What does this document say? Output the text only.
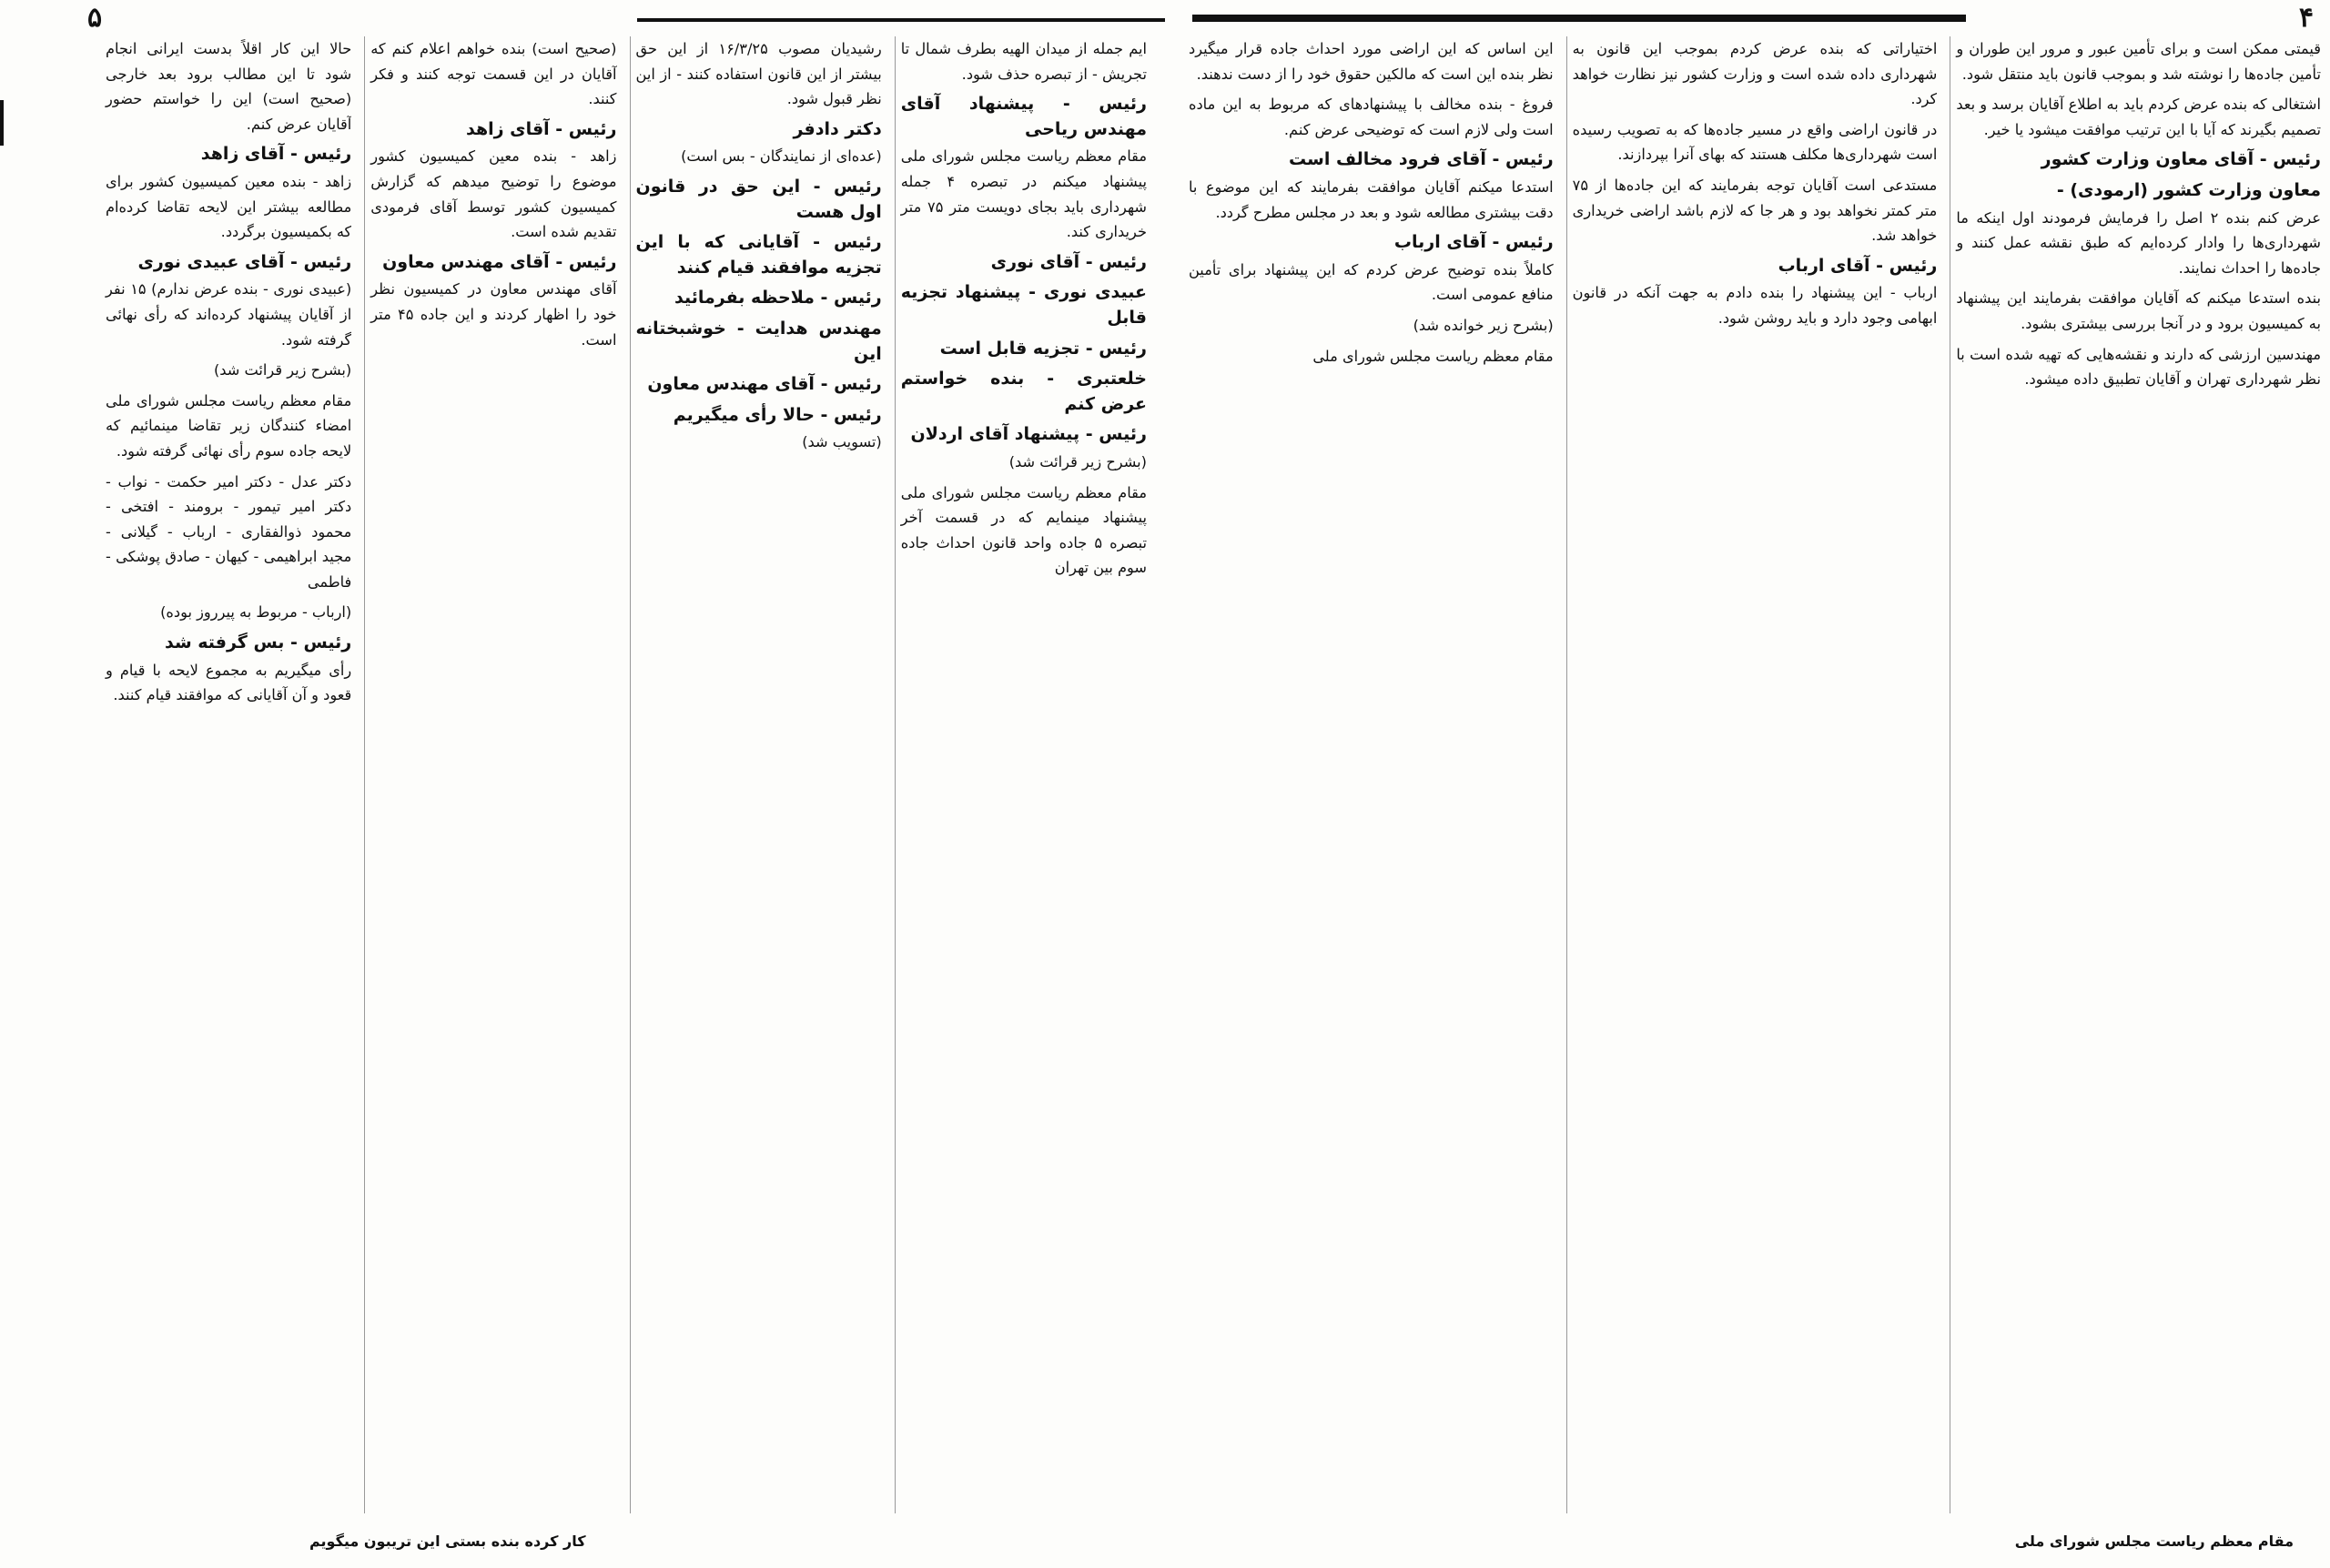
۴

قیمتی ممکن است و برای تأمین عبور و مرور این طوران و تأمین جاده‌ها را نوشته شد و بموجب قانون باید منتقل شود.

اشتغالی که بنده عرض کردم باید به اطلاع آقایان برسد و بعد تصمیم بگیرند که آیا با این ترتیب موافقت میشود یا خیر.

رئیس - آقای معاون وزارت کشور
معاون وزارت کشور (ارمودی) -

عرض کنم بنده ۲ اصل را فرمایش فرمودند اول اینکه ما شهرداری‌ها را وادار کرده‌ایم که طبق نقشه عمل کنند و جاده‌ها را احداث نمایند.

بنده استدعا میکنم که آقایان موافقت بفرمایند این پیشنهاد به کمیسیون برود و در آنجا بررسی بیشتری بشود.

مهندسین ارزشی که دارند و نقشه‌هایی که تهیه شده است با نظر شهرداری تهران و آقایان تطبیق داده میشود.

اختیاراتی که بنده عرض کردم بموجب این قانون به شهرداری داده شده است و وزارت کشور نیز نظارت خواهد کرد.

در قانون اراضی واقع در مسیر جاده‌ها که به تصویب رسیده است شهرداری‌ها مکلف هستند که بهای آنرا بپردازند.

مستدعی است آقایان توجه بفرمایند که این جاده‌ها از ۷۵ متر کمتر نخواهد بود و هر جا که لازم باشد اراضی خریداری خواهد شد.

رئیس - آقای ارباب

ارباب - این پیشنهاد را بنده دادم به جهت آنکه در قانون ابهامی وجود دارد و باید روشن شود.

این اساس که این اراضی مورد احداث جاده قرار میگیرد نظر بنده این است که مالکین حقوق خود را از دست ندهند.

فروغ - بنده مخالف با پیشنهادهای که مربوط به این ماده است ولی لازم است که توضیحی عرض کنم.

رئیس - آقای فرود مخالف است

استدعا میکنم آقایان موافقت بفرمایند که این موضوع با دقت بیشتری مطالعه شود و بعد در مجلس مطرح گردد.

رئیس - آقای ارباب

کاملاً بنده توضیح عرض کردم که این پیشنهاد برای تأمین منافع عمومی است.

(بشرح زیر خوانده شد)

مقام معظم ریاست مجلس شورای ملی

مقام معظم ریاست مجلس شورای ملی
۵

ایم جمله از میدان الهیه بطرف شمال تا تجریش - از تبصره حذف شود.

رئیس - پیشنهاد آقای مهندس ریاحی

مقام معظم ریاست مجلس شورای ملی پیشنهاد میکنم در تبصره ۴ جمله شهرداری باید بجای دویست متر ۷۵ متر خریداری کند.

رئیس - آقای نوری
عبیدی نوری - پیشنهاد تجزیه قابل
رئیس - تجزیه قابل است
خلعتبری - بنده خواستم عرض کنم
رئیس - پیشنهاد آقای اردلان

(بشرح زیر قرائت شد)

مقام معظم ریاست مجلس شورای ملی پیشنهاد مینمایم که در قسمت آخر تبصره ۵ جاده واحد قانون احداث جاده سوم بین تهران

رشیدیان مصوب ۱۶/۳/۲۵ از این حق بیشتر از این قانون استفاده کنند - از این نظر قبول شود.

دکتر دادفر

(عده‌ای از نمایندگان - بس است)

رئیس - این حق در قانون اول هست
رئیس - آقایانی که با این تجزیه موافقند قیام کنند
رئیس - ملاحظه بفرمائید
مهندس هدایت - خوشبختانه این
رئیس - آقای مهندس معاون
رئیس - حالا رأی میگیریم

(تسویب شد)

(صحیح است) بنده خواهم اعلام کنم که آقایان در این قسمت توجه کنند و فکر کنند.

رئیس - آقای زاهد

زاهد - بنده معین کمیسیون کشور موضوع را توضیح میدهم که گزارش کمیسیون کشور توسط آقای فرمودی تقدیم شده است.

رئیس - آقای مهندس معاون

آقای مهندس معاون در کمیسیون نظر خود را اظهار کردند و این جاده ۴۵ متر است.

حالا این کار اقلاً بدست ایرانی انجام شود تا این مطالب برود بعد خارجی (صحیح است) این را خواستم حضور آقایان عرض کنم.

رئیس - آقای زاهد

زاهد - بنده معین کمیسیون کشور برای مطالعه بیشتر این لایحه تقاضا کرده‌ام که بکمیسیون برگردد.

رئیس - آقای عبیدی نوری

(عبیدی نوری - بنده عرض ندارم) ۱۵ نفر از آقایان پیشنهاد کرده‌اند که رأی نهائی گرفته شود.

(بشرح زیر قرائت شد)

مقام معظم ریاست مجلس شورای ملی امضاء کنندگان زیر تقاضا مینمائیم که لایحه جاده سوم رأی نهائی گرفته شود.

دکتر عدل - دکتر امیر حکمت - نواب - دکتر امیر تیمور - برومند - افتخی - محمود ذوالفقاری - ارباب - گیلانی - مجید ابراهیمی - کیهان - صادق پوشکی - فاطمی

(ارباب - مربوط به پیرروز بوده)

رئیس - بس گرفته شد

رأی میگیریم به مجموع لایحه با قیام و قعود و آن آقایانی که موافقند قیام کنند.

کار کرده بنده بستی این تریبون میگویم
